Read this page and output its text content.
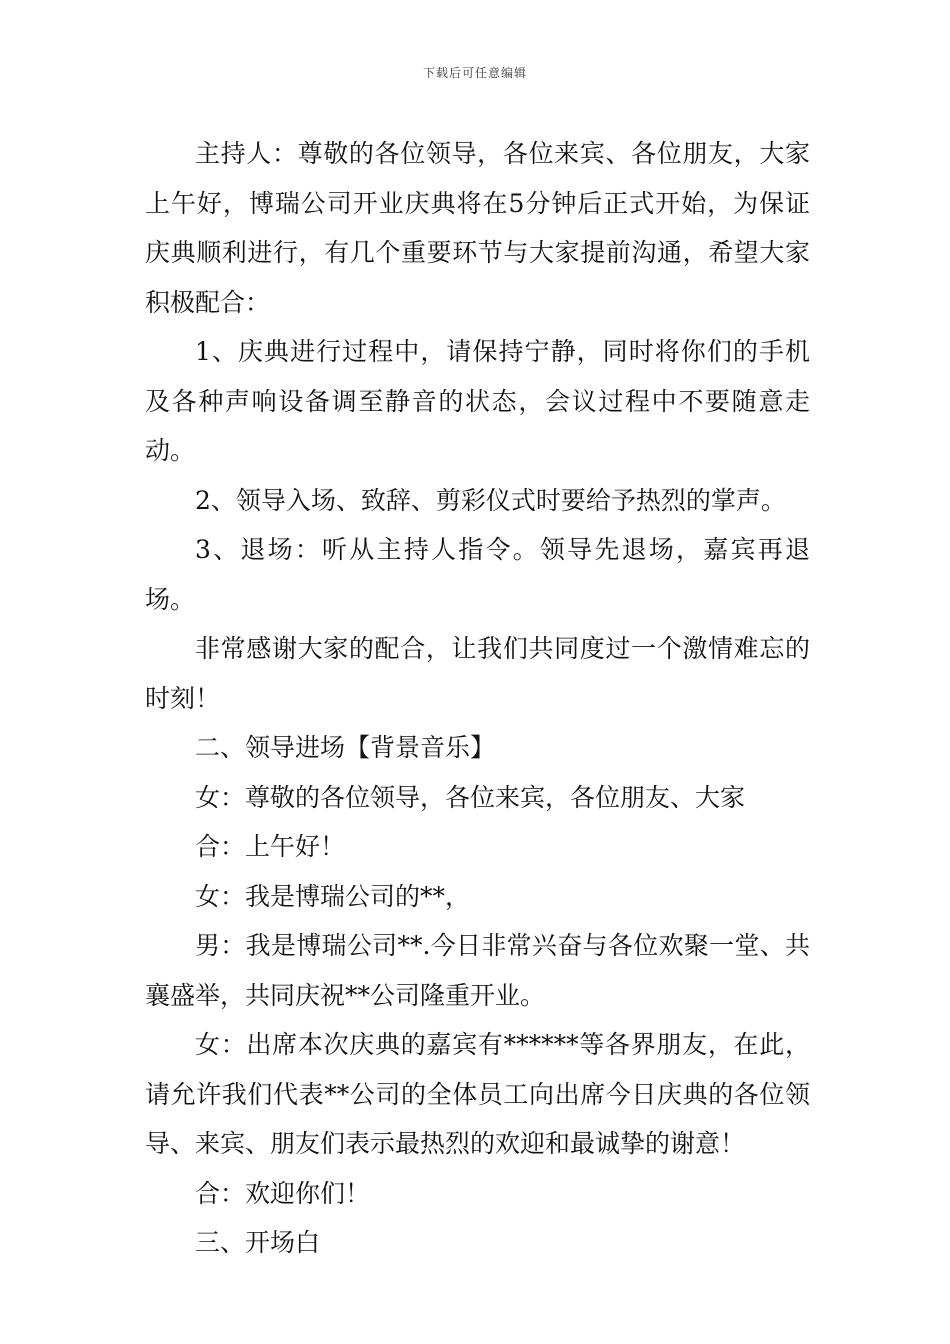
下载后可任意编辑

主持人：尊敬的各位领导，各位来宾、各位朋友，大家上午好，博瑞公司开业庆典将在5分钟后正式开始，为保证庆典顺利进行，有几个重要环节与大家提前沟通，希望大家积极配合：

1、庆典进行过程中，请保持宁静，同时将你们的手机及各种声响设备调至静音的状态，会议过程中不要随意走动。

2、领导入场、致辞、剪彩仪式时要给予热烈的掌声。

3、退场：听从主持人指令。领导先退场，嘉宾再退场。

非常感谢大家的配合，让我们共同度过一个激情难忘的时刻！

二、领导进场【背景音乐】

女：尊敬的各位领导，各位来宾，各位朋友、大家

合：上午好！

女：我是博瑞公司的**，

男：我是博瑞公司**.今日非常兴奋与各位欢聚一堂、共襄盛举，共同庆祝**公司隆重开业。

女：出席本次庆典的嘉宾有******等各界朋友，在此，请允许我们代表**公司的全体员工向出席今日庆典的各位领导、来宾、朋友们表示最热烈的欢迎和最诚挚的谢意！

合：欢迎你们！

三、开场白
